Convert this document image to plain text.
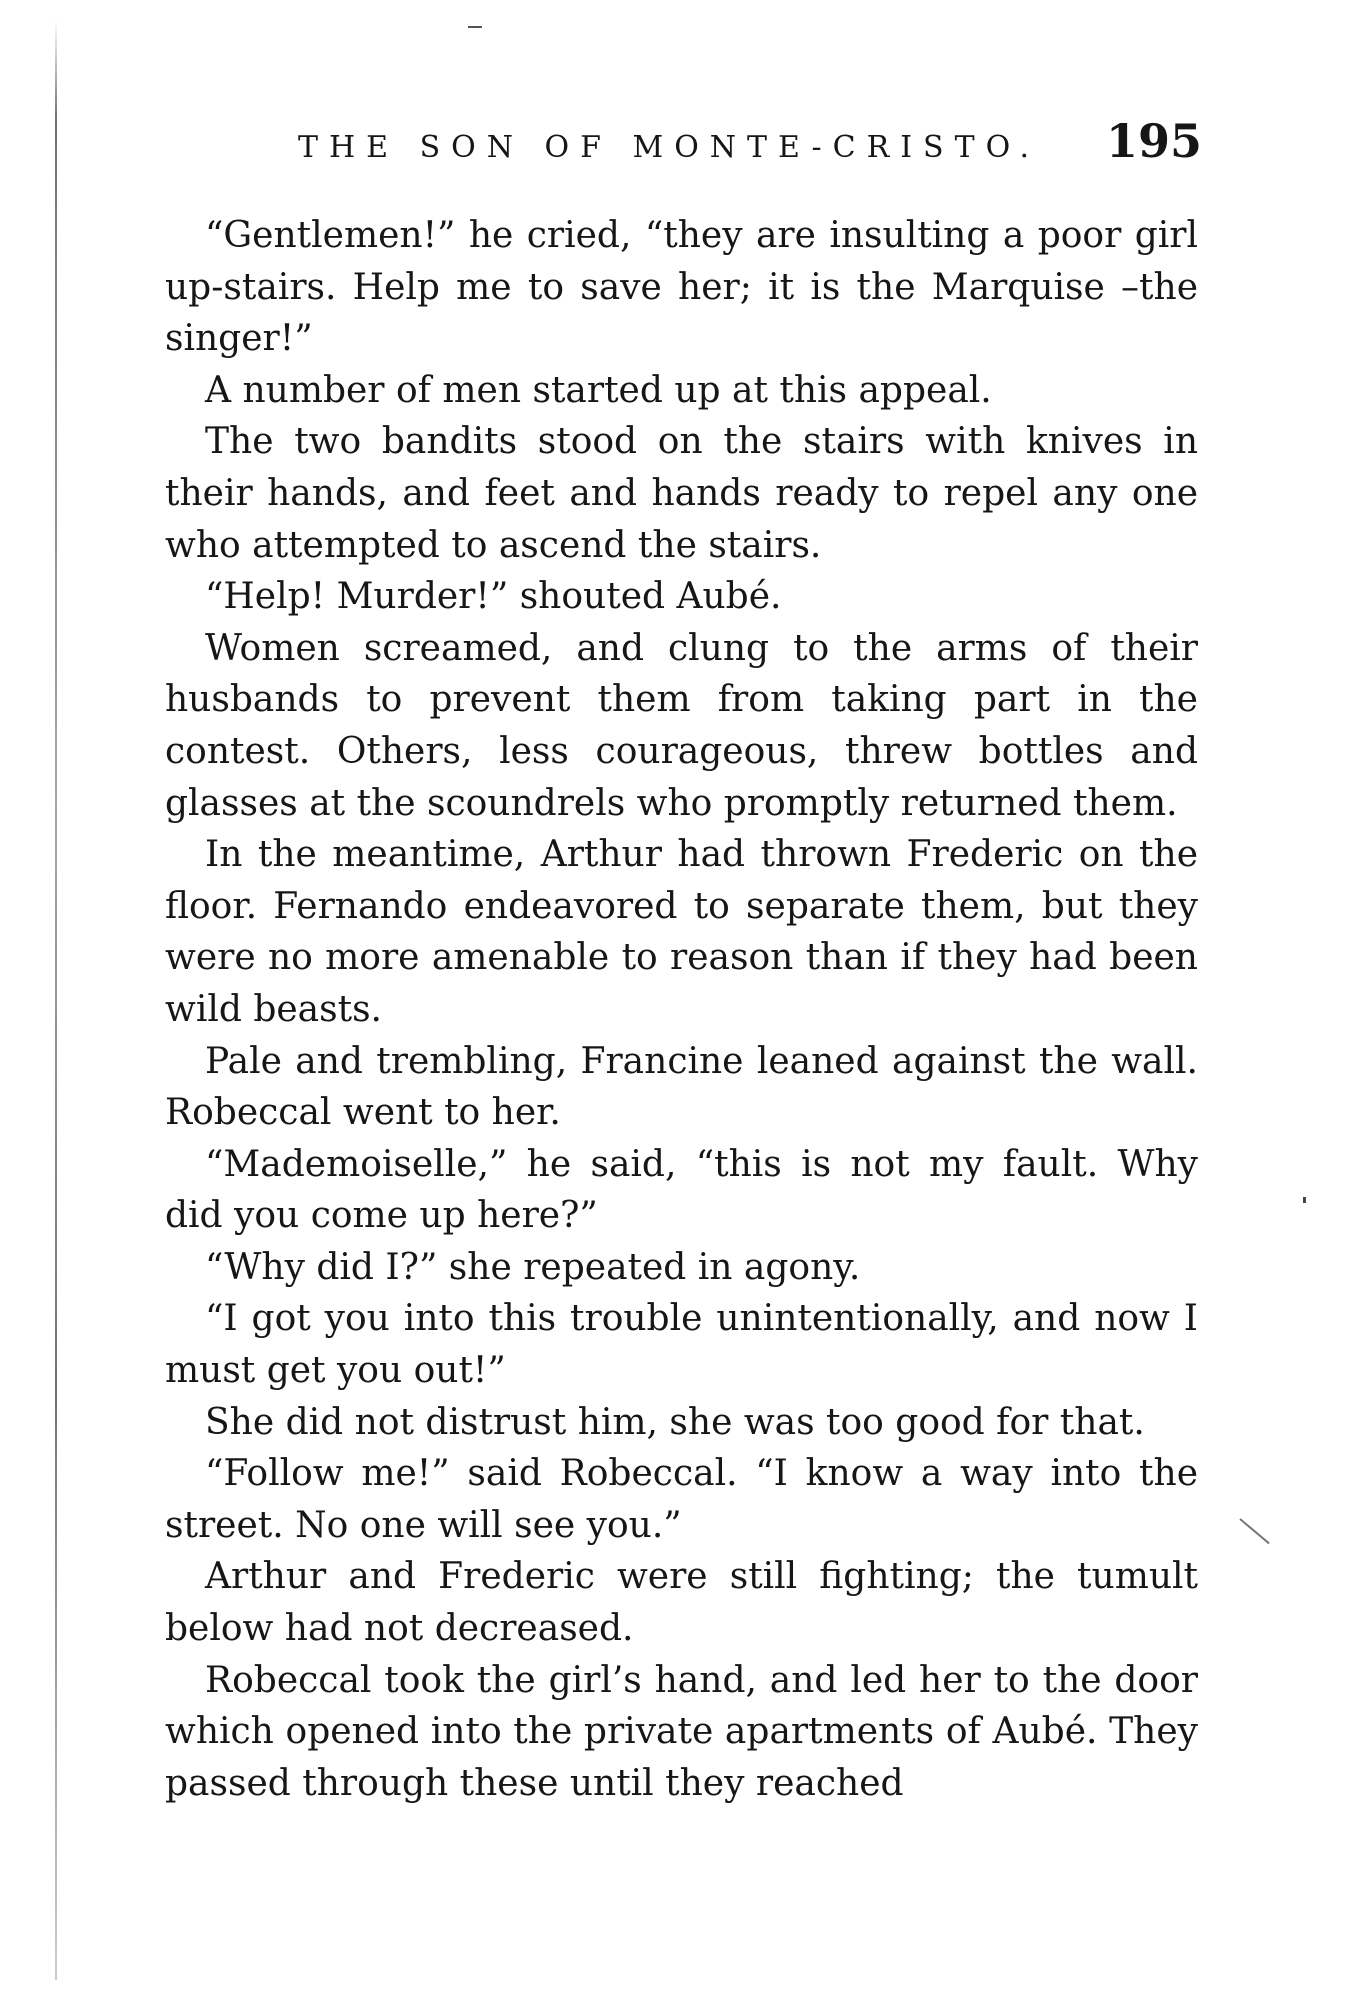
THE SON OF MONTE-CRISTO. 195

“Gentlemen!” he cried, “they are insulting a poor girl up-stairs. Help me to save her; it is the Marquise –the singer!”

A number of men started up at this appeal.

The two bandits stood on the stairs with knives in their hands, and feet and hands ready to repel any one who attempted to ascend the stairs.

“Help! Murder!” shouted Aubé.

Women screamed, and clung to the arms of their husbands to prevent them from taking part in the contest. Others, less courageous, threw bottles and glasses at the scoundrels who promptly returned them.

In the meantime, Arthur had thrown Frederic on the floor. Fernando endeavored to separate them, but they were no more amenable to reason than if they had been wild beasts.

Pale and trembling, Francine leaned against the wall. Robeccal went to her.

“Mademoiselle,” he said, “this is not my fault. Why did you come up here?”

“Why did I?” she repeated in agony.

“I got you into this trouble unintentionally, and now I must get you out!”

She did not distrust him, she was too good for that.

“Follow me!” said Robeccal. “I know a way into the street. No one will see you.”

Arthur and Frederic were still fighting; the tumult below had not decreased.

Robeccal took the girl’s hand, and led her to the door which opened into the private apartments of Aubé. They passed through these until they reached
